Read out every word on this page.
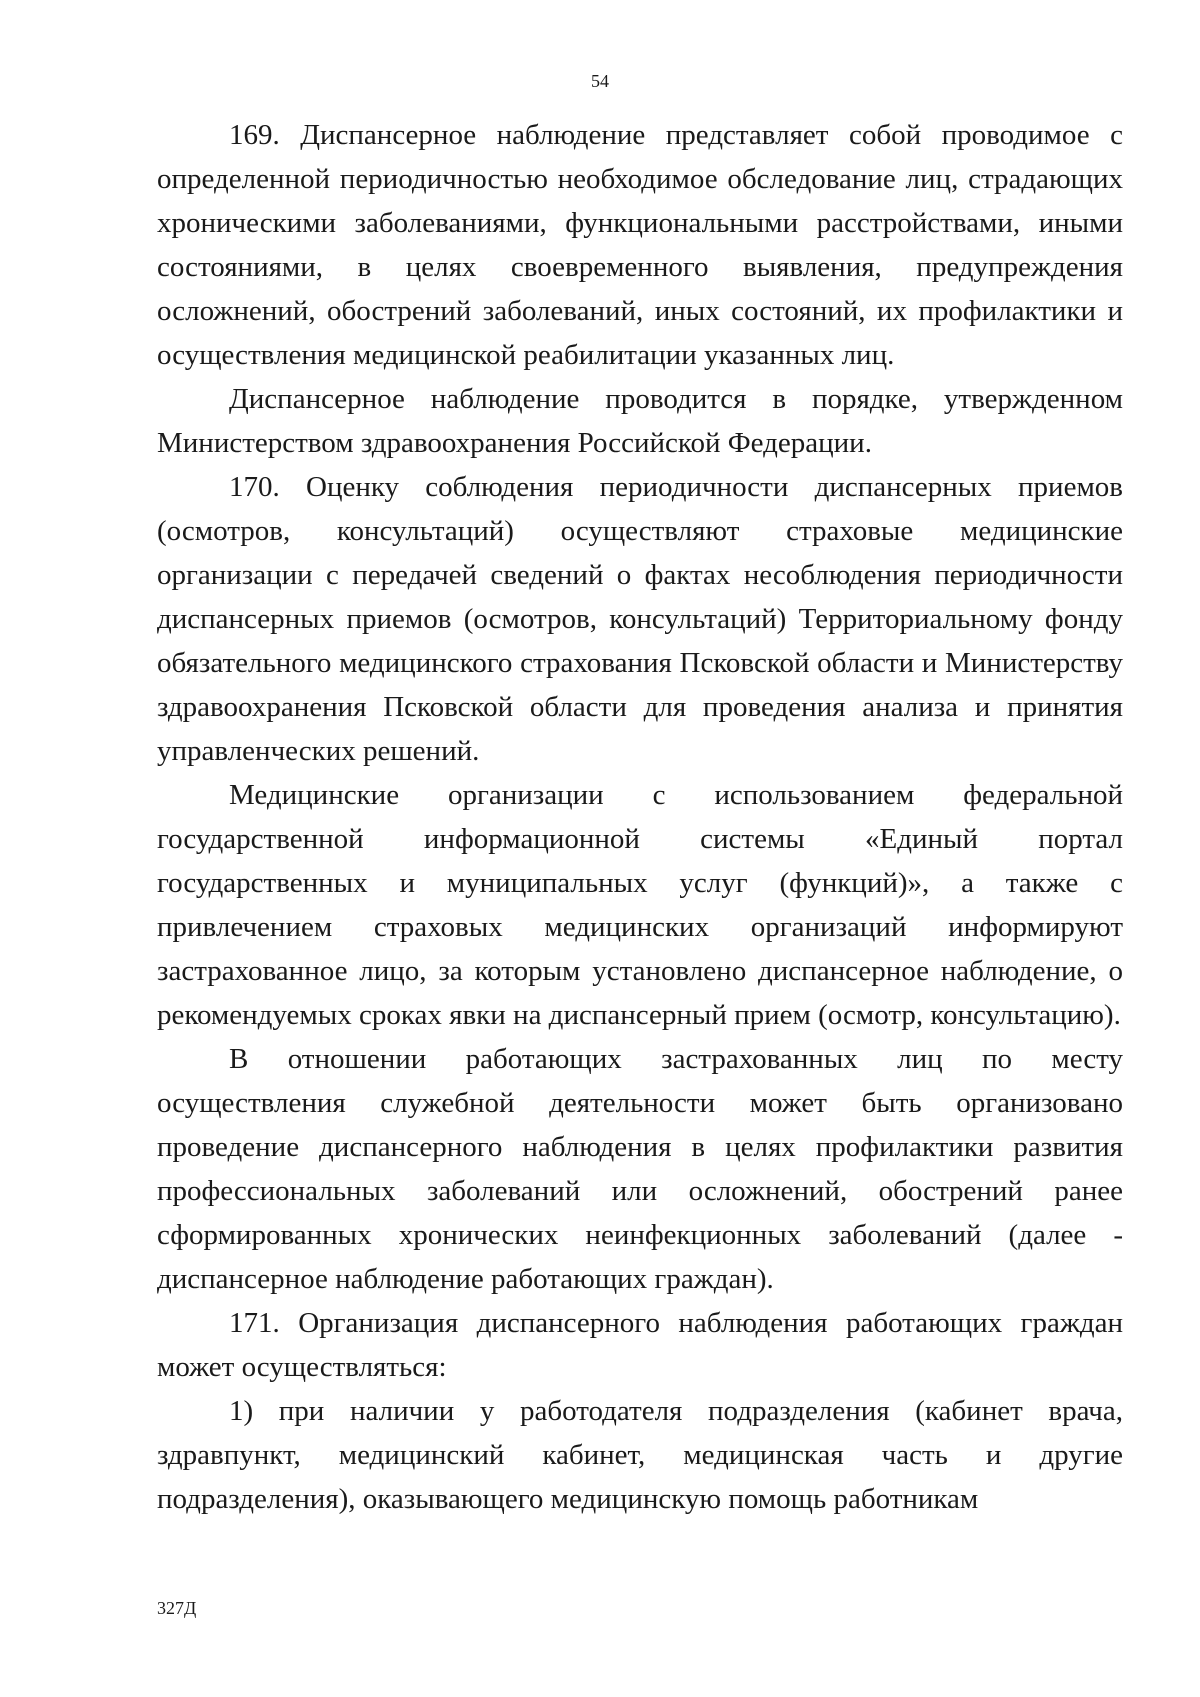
54

169. Диспансерное наблюдение представляет собой проводимое с определенной периодичностью необходимое обследование лиц, страдающих хроническими заболеваниями, функциональными расстройствами, иными состояниями, в целях своевременного выявления, предупреждения осложнений, обострений заболеваний, иных состояний, их профилактики и осуществления медицинской реабилитации указанных лиц.

Диспансерное наблюдение проводится в порядке, утвержденном Министерством здравоохранения Российской Федерации.

170. Оценку соблюдения периодичности диспансерных приемов (осмотров, консультаций) осуществляют страховые медицинские организации с передачей сведений о фактах несоблюдения периодичности диспансерных приемов (осмотров, консультаций) Территориальному фонду обязательного медицинского страхования Псковской области и Министерству здравоохранения Псковской области для проведения анализа и принятия управленческих решений.

Медицинские организации с использованием федеральной государственной информационной системы «Единый портал государственных и муниципальных услуг (функций)», а также с привлечением страховых медицинских организаций информируют застрахованное лицо, за которым установлено диспансерное наблюдение, о рекомендуемых сроках явки на диспансерный прием (осмотр, консультацию).

В отношении работающих застрахованных лиц по месту осуществления служебной деятельности может быть организовано проведение диспансерного наблюдения в целях профилактики развития профессиональных заболеваний или осложнений, обострений ранее сформированных хронических неинфекционных заболеваний (далее - диспансерное наблюдение работающих граждан).

171. Организация диспансерного наблюдения работающих граждан может осуществляться:

1) при наличии у работодателя подразделения (кабинет врача, здравпункт, медицинский кабинет, медицинская часть и другие подразделения), оказывающего медицинскую помощь работникам

327Д
